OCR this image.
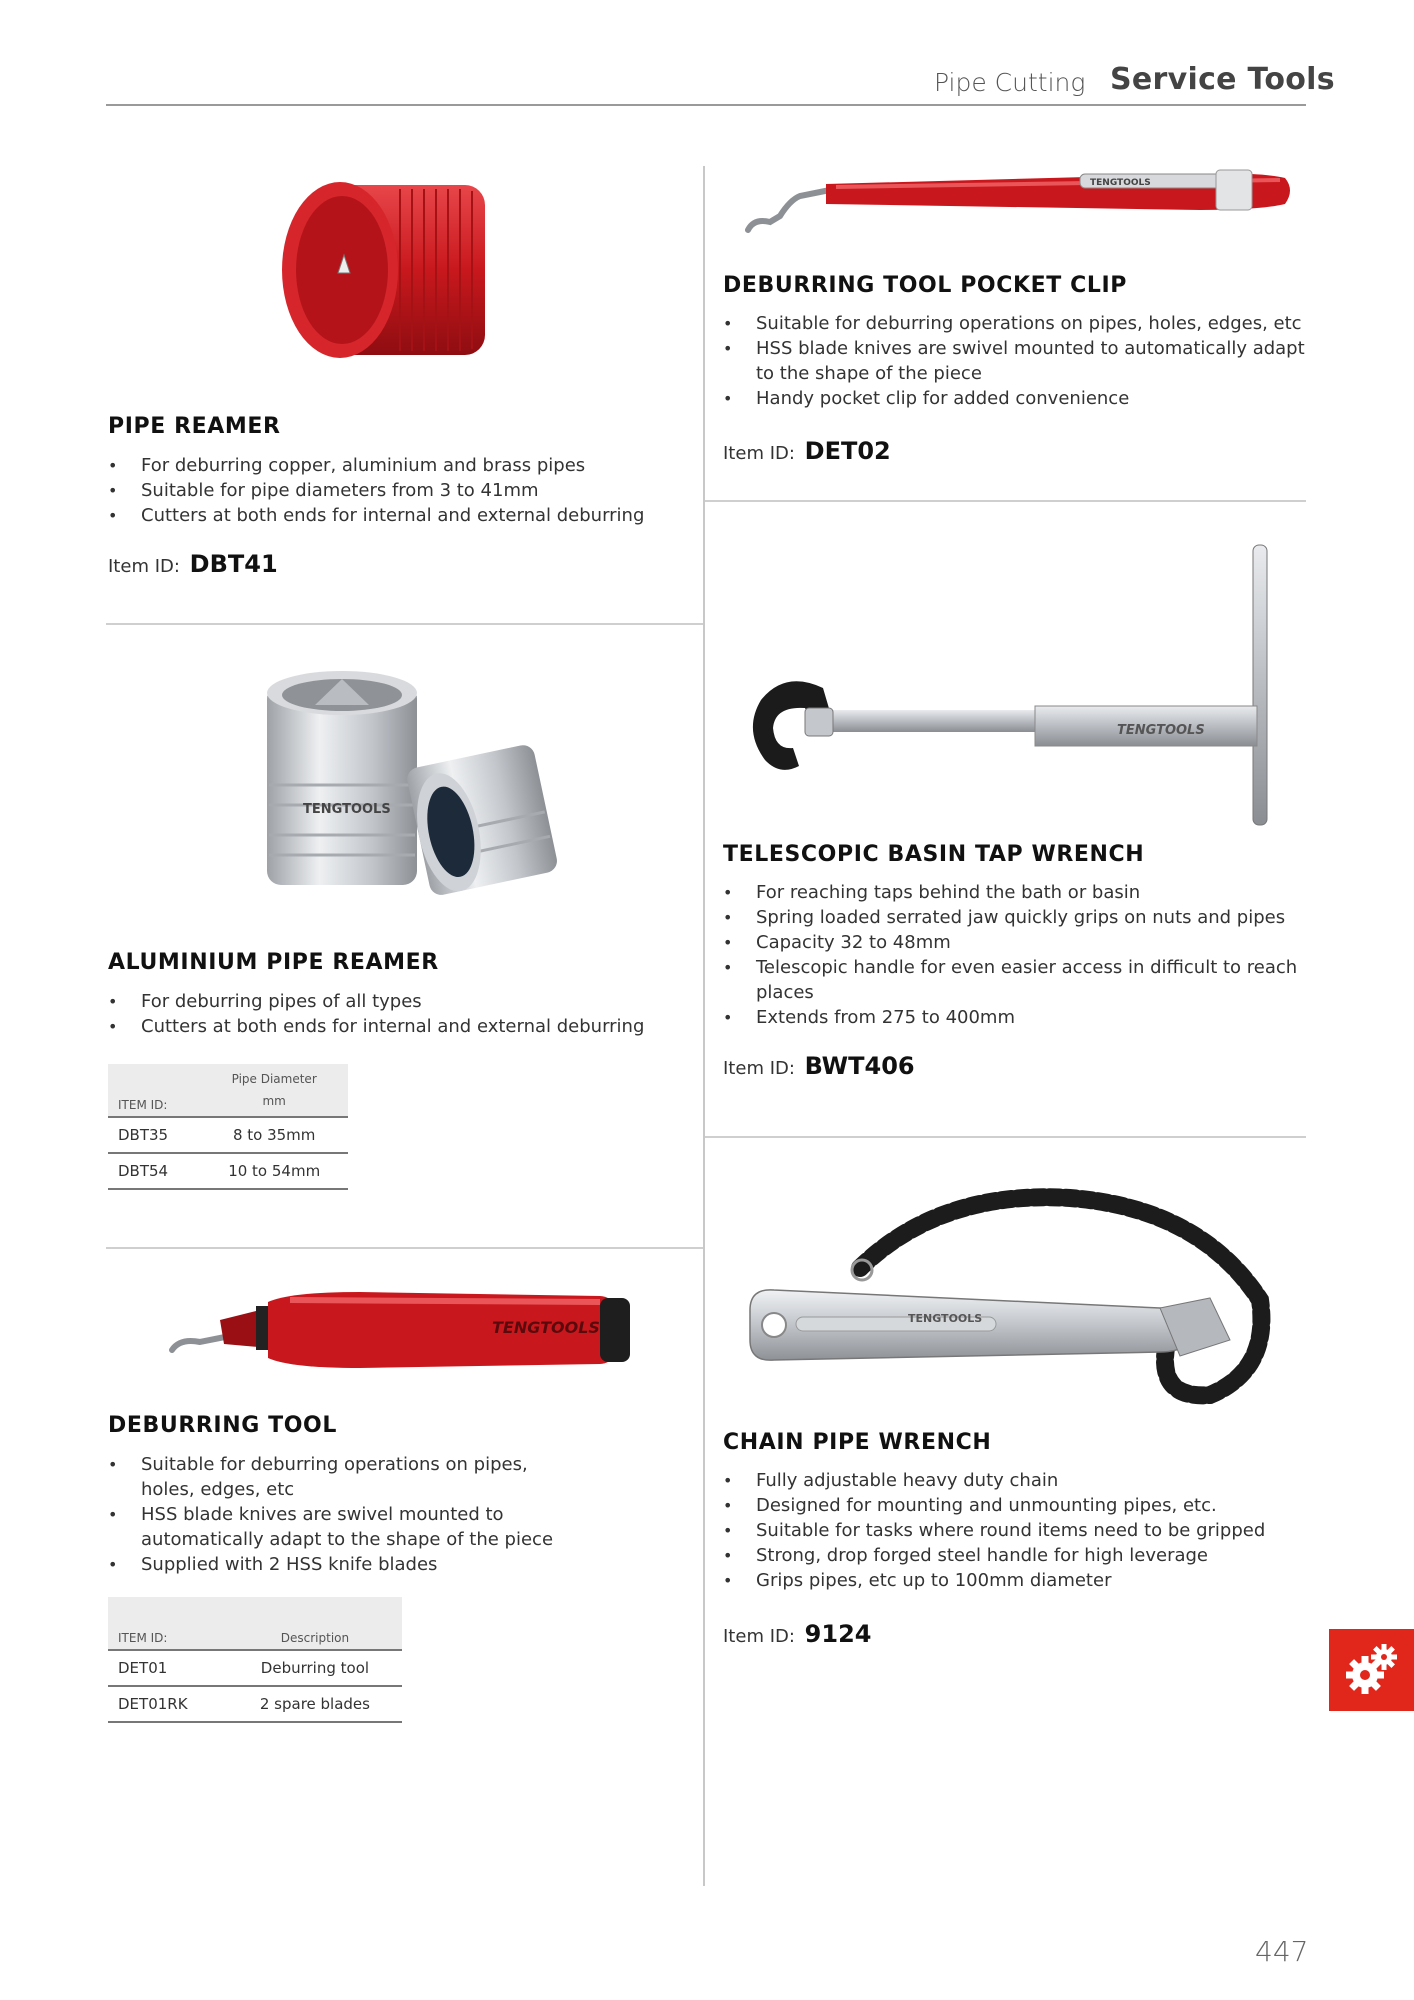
Pipe Cutting Service Tools
PIPE REAMER
• For deburring copper, aluminium and brass pipes
• Suitable for pipe diameters from 3 to 41mm
• Cutters at both ends for internal and external deburring
Item ID: DBT41
TENGTOOLS
ALUMINIUM PIPE REAMER
• For deburring pipes of all types
• Cutters at both ends for internal and external deburring
ITEM ID:	Pipe Diameter
mm
DBT35	8 to 35mm
DBT54	10 to 54mm
TENGTOOLS
DEBURRING TOOL
• Suitable for deburring operations on pipes,
holes, edges, etc
• HSS blade knives are swivel mounted to
automatically adapt to the shape of the piece
• Supplied with 2 HSS knife blades
ITEM ID:	Description
DET01	Deburring tool
DET01RK	2 spare blades
TENGTOOLS
DEBURRING TOOL POCKET CLIP
• Suitable for deburring operations on pipes, holes, edges, etc
• HSS blade knives are swivel mounted to automatically adapt
to the shape of the piece
• Handy pocket clip for added convenience
Item ID: DET02
TENGTOOLS
TELESCOPIC BASIN TAP WRENCH
• For reaching taps behind the bath or basin
• Spring loaded serrated jaw quickly grips on nuts and pipes
• Capacity 32 to 48mm
• Telescopic handle for even easier access in difficult to reach
places
• Extends from 275 to 400mm
Item ID: BWT406
TENGTOOLS
CHAIN PIPE WRENCH
• Fully adjustable heavy duty chain
• Designed for mounting and unmounting pipes, etc.
• Suitable for tasks where round items need to be gripped
• Strong, drop forged steel handle for high leverage
• Grips pipes, etc up to 100mm diameter
Item ID: 9124
447
